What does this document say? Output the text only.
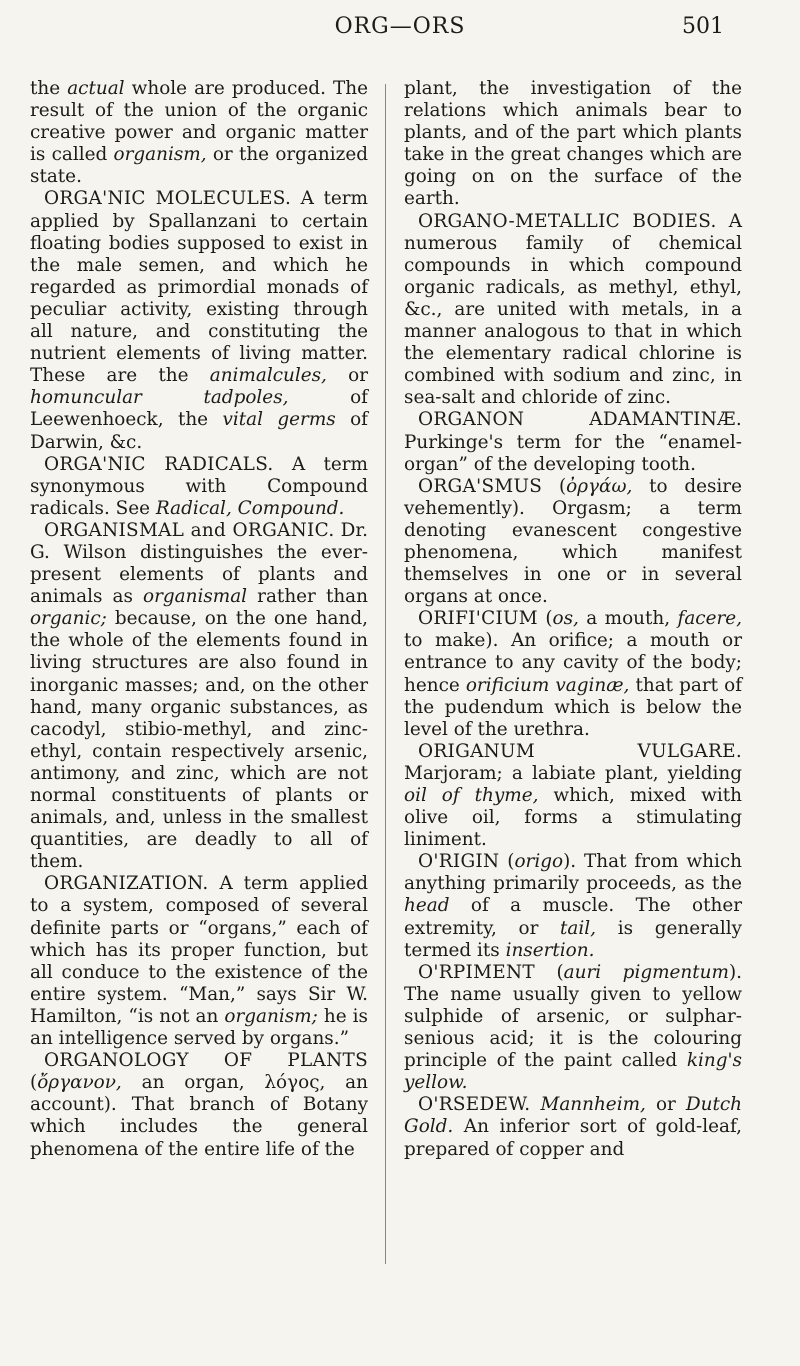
ORG—ORS	501

the actual whole are produced. The result of the union of the organic creative power and organic matter is called organism, or the organized state.

ORGA'NIC MOLECULES. A term applied by Spallanzani to certain floating bodies supposed to exist in the male semen, and which he regarded as primordial monads of peculiar activity, existing through all nature, and constituting the nutrient elements of living matter. These are the animalcules, or homuncular tadpoles, of Leewenhoeck, the vital germs of Darwin, &c.

ORGA'NIC RADICALS. A term synonymous with Compound radicals. See Radical, Compound.

ORGANISMAL and ORGANIC. Dr. G. Wilson distinguishes the ever-present elements of plants and animals as organismal rather than organic; because, on the one hand, the whole of the elements found in living structures are also found in inorganic masses; and, on the other hand, many organic substances, as cacodyl, stibio-methyl, and zinc-ethyl, contain respectively arsenic, antimony, and zinc, which are not normal constituents of plants or animals, and, unless in the smallest quantities, are deadly to all of them.

ORGANIZATION. A term applied to a system, composed of several definite parts or “organs,” each of which has its proper function, but all conduce to the existence of the entire system. “Man,” says Sir W. Hamilton, “is not an organism; he is an intelligence served by organs.”

ORGANOLOGY OF PLANTS (ὄργανον, an organ, λόγος, an account). That branch of Botany which includes the general phenomena of the entire life of the

plant, the investigation of the relations which animals bear to plants, and of the part which plants take in the great changes which are going on on the surface of the earth.

ORGANO-METALLIC BODIES. A numerous family of chemical compounds in which compound organic radicals, as methyl, ethyl, &c., are united with metals, in a manner analogous to that in which the elementary radical chlorine is combined with sodium and zinc, in sea-salt and chloride of zinc.

ORGANON ADAMANTINÆ. Purkinge's term for the “enamel-organ” of the developing tooth.

ORGA'SMUS (ὀργάω, to desire vehemently). Orgasm; a term denoting evanescent congestive phenomena, which manifest themselves in one or in several organs at once.

ORIFI'CIUM (os, a mouth, facere, to make). An orifice; a mouth or entrance to any cavity of the body; hence orificium vaginæ, that part of the pudendum which is below the level of the urethra.

ORIGANUM VULGARE. Marjoram; a labiate plant, yielding oil of thyme, which, mixed with olive oil, forms a stimulating liniment.

O'RIGIN (origo). That from which anything primarily proceeds, as the head of a muscle. The other extremity, or tail, is generally termed its insertion.

O'RPIMENT (auri pigmentum). The name usually given to yellow sulphide of arsenic, or sulphar-senious acid; it is the colouring principle of the paint called king's yellow.

O'RSEDEW. Mannheim, or Dutch Gold. An inferior sort of gold-leaf, prepared of copper and
